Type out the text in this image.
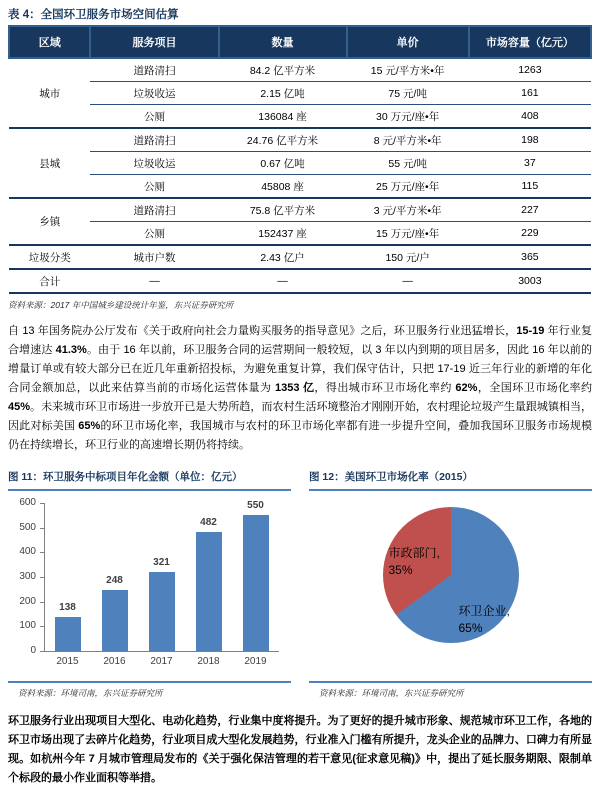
表 4：全国环卫服务市场空间估算
区域	服务项目	数量	单价	市场容量（亿元）
城市	道路清扫	84.2 亿平方米	15 元/平方米•年	1263
	垃圾收运	2.15 亿吨	75 元/吨	161
	公厕	136084 座	30 万元/座•年	408
县城	道路清扫	24.76 亿平方米	8 元/平方米•年	198
	垃圾收运	0.67 亿吨	55 元/吨	37
	公厕	45808 座	25 万元/座•年	115
乡镇	道路清扫	75.8 亿平方米	3 元/平方米•年	227
	公厕	152437 座	15 万元/座•年	229
垃圾分类	城市户数	2.43 亿户	150 元/户	365
合计	—	—	—	3003
资料来源：2017 年中国城乡建设统计年鉴，东兴证券研究所

自 13 年国务院办公厅发布《关于政府向社会力量购买服务的指导意见》之后，环卫服务行业迅猛增长，15-19 年行业复合增速达 41.3%。由于 16 年以前，环卫服务合同的运营期间一般较短，以 3 年以内到期的项目居多，因此 16 年以前的增量订单或有较大部分已在近几年重新招投标，为避免重复计算，我们保守估计，只把 17-19 近三年行业的新增的年化合同金额加总，以此来估算当前的市场化运营体量为 1353 亿，得出城市环卫市场化率约 62%，全国环卫市场化率约 45%。未来城市环卫市场进一步放开已是大势所趋，而农村生活环境整治才刚刚开始，农村理论垃圾产生量跟城镇相当，因此对标美国 65%的环卫市场化率，我国城市与农村的环卫市场化率都有进一步提升空间，叠加我国环卫服务市场规模仍在持续增长，环卫行业的高速增长期仍将持续。

图 11：环卫服务中标项目年化金额（单位：亿元）
0
100
200
300
400
500
600
138
2015
248
2016
321
2017
482
2018
550
2019
资料来源：环境司南，东兴证券研究所
图 12：美国环卫市场化率（2015）
环卫企业, 65%
市政部门, 35%
资料来源：环境司南，东兴证券研究所

环卫服务行业出现项目大型化、电动化趋势，行业集中度将提升。为了更好的提升城市形象、规范城市环卫工作，各地的环卫市场出现了去碎片化趋势，行业项目成大型化发展趋势，行业准入门槛有所提升，龙头企业的品牌力、口碑力有所显现。如杭州今年 7 月城市管理局发布的《关于强化保洁管理的若干意见(征求意见稿)》中，提出了延长服务期限、限制单个标段的最小作业面积等举措。
